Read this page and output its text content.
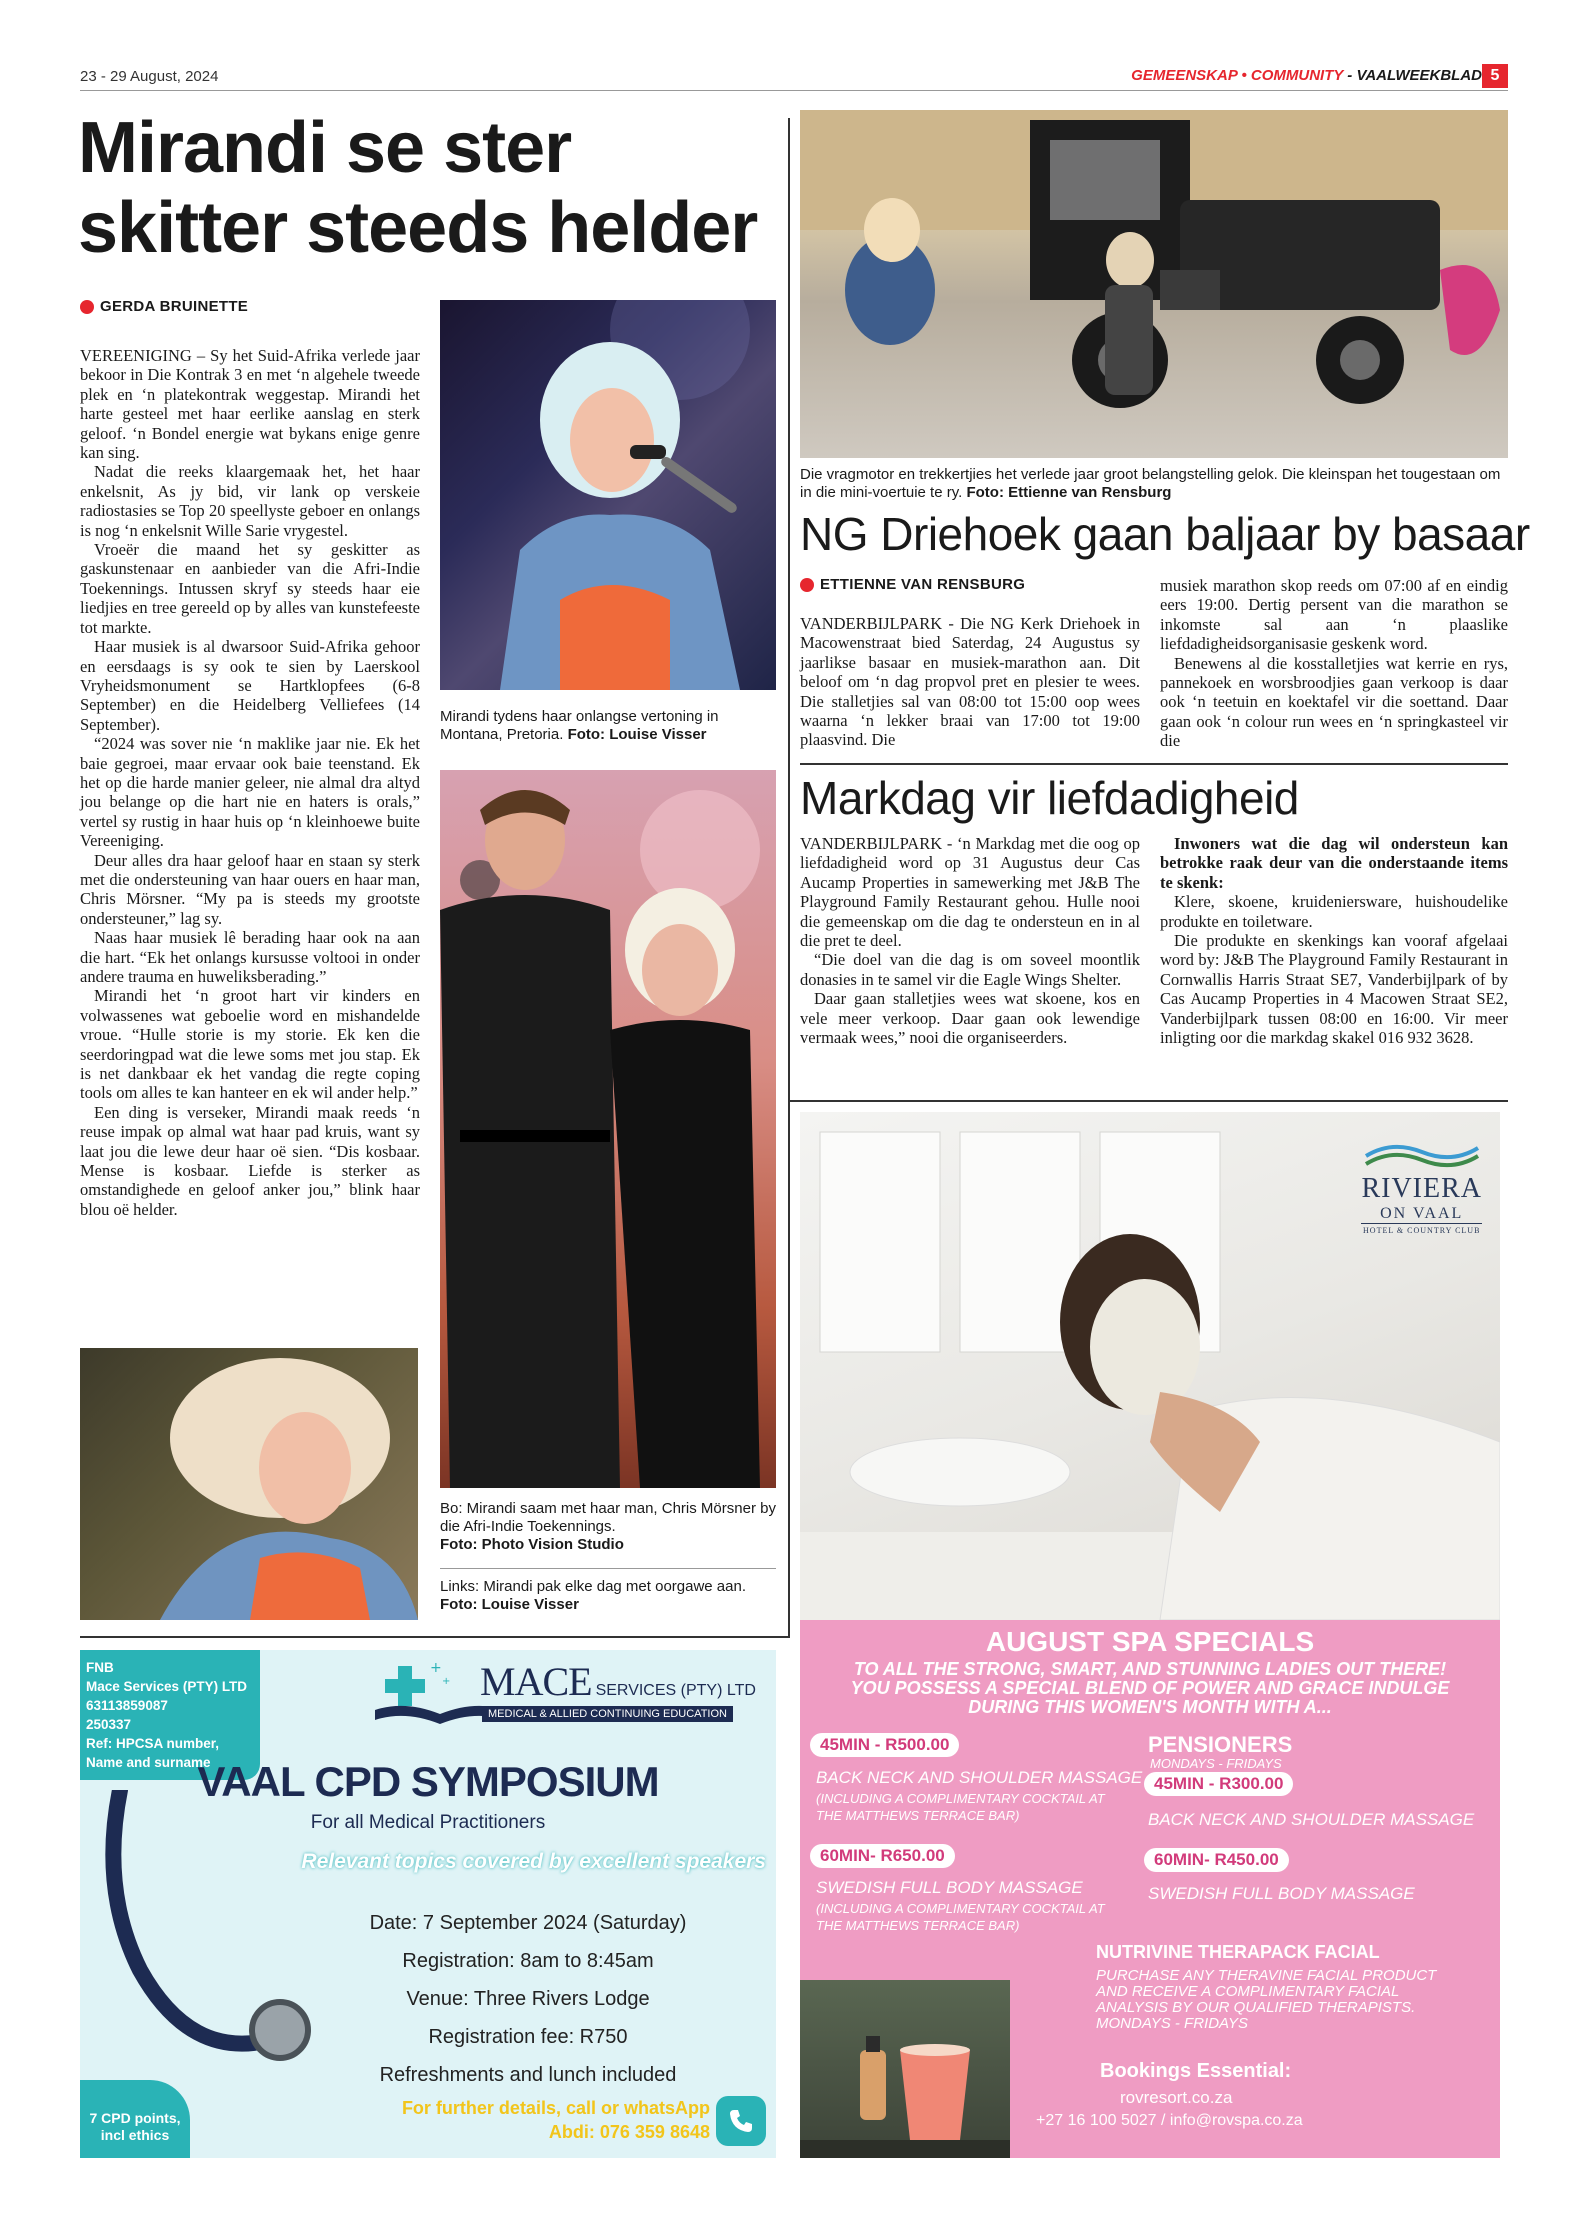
23 - 29 August, 2024	GEMEENSKAP • COMMUNITY - VAALWEEKBLAD 5
Mirandi se ster
skitter steeds helder
GERDA BRUINETTE

VEREENIGING – Sy het Suid-Afrika verlede jaar bekoor in Die Kontrak 3 en met ‘n algehele tweede plek en ‘n platekontrak weggestap. Mirandi het harte gesteel met haar eerlike aanslag en sterk geloof. ‘n Bondel energie wat bykans enige genre kan sing.

Nadat die reeks klaargemaak het, het haar enkelsnit, As jy bid, vir lank op verskeie radiostasies se Top 20 speellyste geboer en onlangs is nog ‘n enkelsnit Wille Sarie vrygestel.

Vroeër die maand het sy geskitter as gaskunstenaar en aanbieder van die Afri-Indie Toekennings. Intussen skryf sy steeds haar eie liedjies en tree gereeld op by alles van kunstefeeste tot markte.

Haar musiek is al dwarsoor Suid-Afrika gehoor en eersdaags is sy ook te sien by Laerskool Vryheidsmonument se Hartklopfees (6-8 September) en die Heidelberg Velliefees (14 September).

“2024 was sover nie ‘n maklike jaar nie. Ek het baie gegroei, maar ervaar ook baie teenstand. Ek het op die harde manier geleer, nie almal dra altyd jou belange op die hart nie en haters is orals,” vertel sy rustig in haar huis op ‘n kleinhoewe buite Vereeniging.

Deur alles dra haar geloof haar en staan sy sterk met die ondersteuning van haar ouers en haar man, Chris Mörsner. “My pa is steeds my grootste ondersteuner,” lag sy.

Naas haar musiek lê berading haar ook na aan die hart. “Ek het onlangs kursusse voltooi in onder andere trauma en huweliksberading.”

Mirandi het ‘n groot hart vir kinders en volwassenes wat geboelie word en mishandelde vroue. “Hulle storie is my storie. Ek ken die seerdoringpad wat die lewe soms met jou stap. Ek is net dankbaar ek het vandag die regte coping tools om alles te kan hanteer en ek wil ander help.”

Een ding is verseker, Mirandi maak reeds ‘n reuse impak op almal wat haar pad kruis, want sy laat jou die lewe deur haar oë sien. “Dis kosbaar. Mense is kosbaar. Liefde is sterker as omstandighede en geloof anker jou,” blink haar blou oë helder.

Mirandi tydens haar onlangse vertoning in Montana, Pretoria. Foto: Louise Visser
Bo: Mirandi saam met haar man, Chris Mörsner by die Afri-Indie Toekennings.
Foto: Photo Vision Studio
Links: Mirandi pak elke dag met oorgawe aan. Foto: Louise Visser
Die vragmotor en trekkertjies het verlede jaar groot belangstelling gelok. Die kleinspan het tougestaan om in die mini-voertuie te ry. Foto: Ettienne van Rensburg
NG Driehoek gaan baljaar by basaar
ETTIENNE VAN RENSBURG

VANDERBIJLPARK - Die NG Kerk Driehoek in Macowenstraat bied Saterdag, 24 Augustus sy jaarlikse basaar en musiek-marathon aan. Dit beloof om ‘n dag propvol pret en plesier te wees. Die stalletjies sal van 08:00 tot 15:00 oop wees waarna ‘n lekker braai van 17:00 tot 19:00 plaasvind. Die

musiek marathon skop reeds om 07:00 af en eindig eers 19:00. Dertig persent van die marathon se inkomste sal aan ‘n plaaslike liefdadigheidsorganisasie geskenk word.

Benewens al die kosstalletjies wat kerrie en rys, pannekoek en worsbroodjies gaan verkoop is daar ook ‘n teetuin en koektafel vir die soettand. Daar gaan ook ‘n colour run wees en ‘n springkasteel vir die

Markdag vir liefdadigheid

VANDERBIJLPARK - ‘n Markdag met die oog op liefdadigheid word op 31 Augustus deur Cas Aucamp Properties in samewerking met J&B The Playground Family Restaurant gehou. Hulle nooi die gemeenskap om die dag te ondersteun en in al die pret te deel.

“Die doel van die dag is om soveel moontlik donasies in te samel vir die Eagle Wings Shelter.

Daar gaan stalletjies wees wat skoene, kos en vele meer verkoop. Daar gaan ook lewendige vermaak wees,” nooi die organiseerders.

Inwoners wat die dag wil ondersteun kan betrokke raak deur van die onderstaande items te skenk:

Klere, skoene, kruideniersware, huishoudelike produkte en toiletware.

Die produkte en skenkings kan vooraf afgelaai word by: J&B The Playground Family Restaurant in Cornwallis Harris Straat SE7, Vanderbijlpark of by Cas Aucamp Properties in 4 Macowen Straat SE2, Vanderbijlpark tussen 08:00 en 16:00. Vir meer inligting oor die markdag skakel 016 932 3628.

RIVIERA
ON VAAL
HOTEL & COUNTRY CLUB
AUGUST SPA SPECIALS
TO ALL THE STRONG, SMART, AND STUNNING LADIES OUT THERE! YOU POSSESS A SPECIAL BLEND OF POWER AND GRACE INDULGE DURING THIS WOMEN'S MONTH WITH A...
45MIN - R500.00
BACK NECK AND SHOULDER MASSAGE
(INCLUDING A COMPLIMENTARY COCKTAIL AT THE MATTHEWS TERRACE BAR)
60MIN- R650.00
SWEDISH FULL BODY MASSAGE
(INCLUDING A COMPLIMENTARY COCKTAIL AT THE MATTHEWS TERRACE BAR)
PENSIONERS
MONDAYS - FRIDAYS
45MIN - R300.00
BACK NECK AND SHOULDER MASSAGE
60MIN- R450.00
SWEDISH FULL BODY MASSAGE
NUTRIVINE THERAPACK FACIAL
PURCHASE ANY THERAVINE FACIAL PRODUCT AND RECEIVE A COMPLIMENTARY FACIAL ANALYSIS BY OUR QUALIFIED THERAPISTS. MONDAYS - FRIDAYS
Bookings Essential:
rovresort.co.za
+27 16 100 5027 / info@rovspa.co.za
FNB
Mace Services (PTY) LTD
63113859087
250337
Ref: HPCSA number,
Name and surname
+
+ MACE SERVICES (PTY) LTD
MEDICAL & ALLIED CONTINUING EDUCATION
VAAL CPD SYMPOSIUM
For all Medical Practitioners
Relevant topics covered by excellent speakers
Date: 7 September 2024 (Saturday)
Registration: 8am to 8:45am
Venue: Three Rivers Lodge
Registration fee: R750
Refreshments and lunch included
For further details, call or whatsApp
Abdi: 076 359 8648
7 CPD points, incl ethics
